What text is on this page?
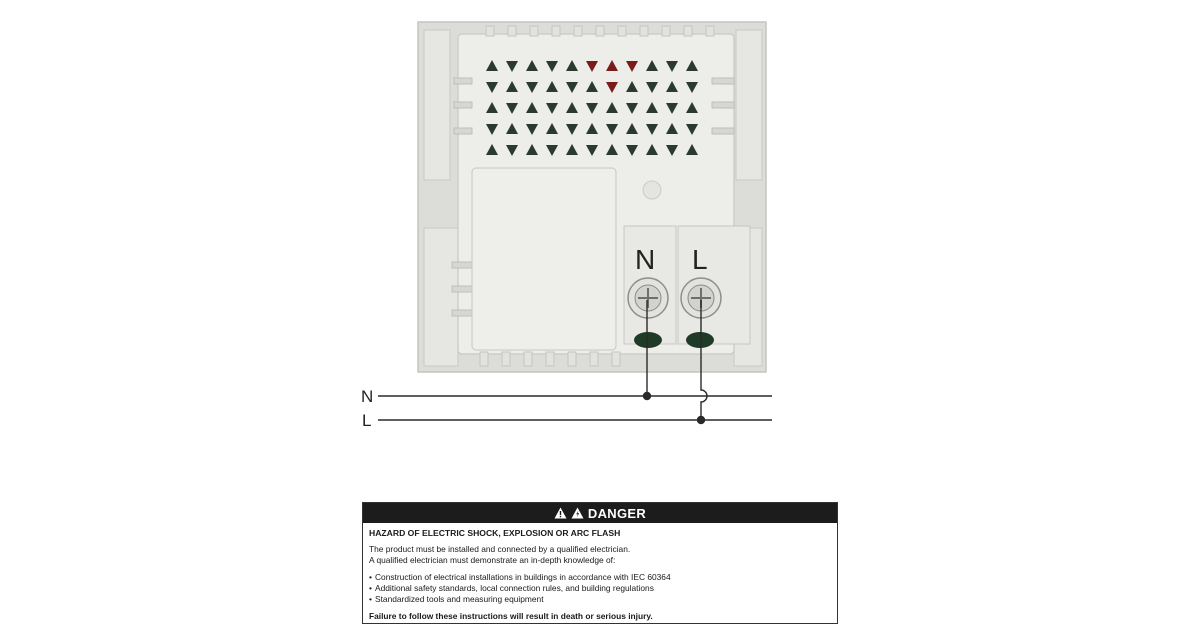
N L
N
L
DANGER

HAZARD OF ELECTRIC SHOCK, EXPLOSION OR ARC FLASH

The product must be installed and connected by a qualified electrician.

A qualified electrician must demonstrate an in-depth knowledge of:

• Construction of electrical installations in buildings in accordance with IEC 60364
• Additional safety standards, local connection rules, and building regulations
• Standardized tools and measuring equipment

Failure to follow these instructions will result in death or serious injury.
